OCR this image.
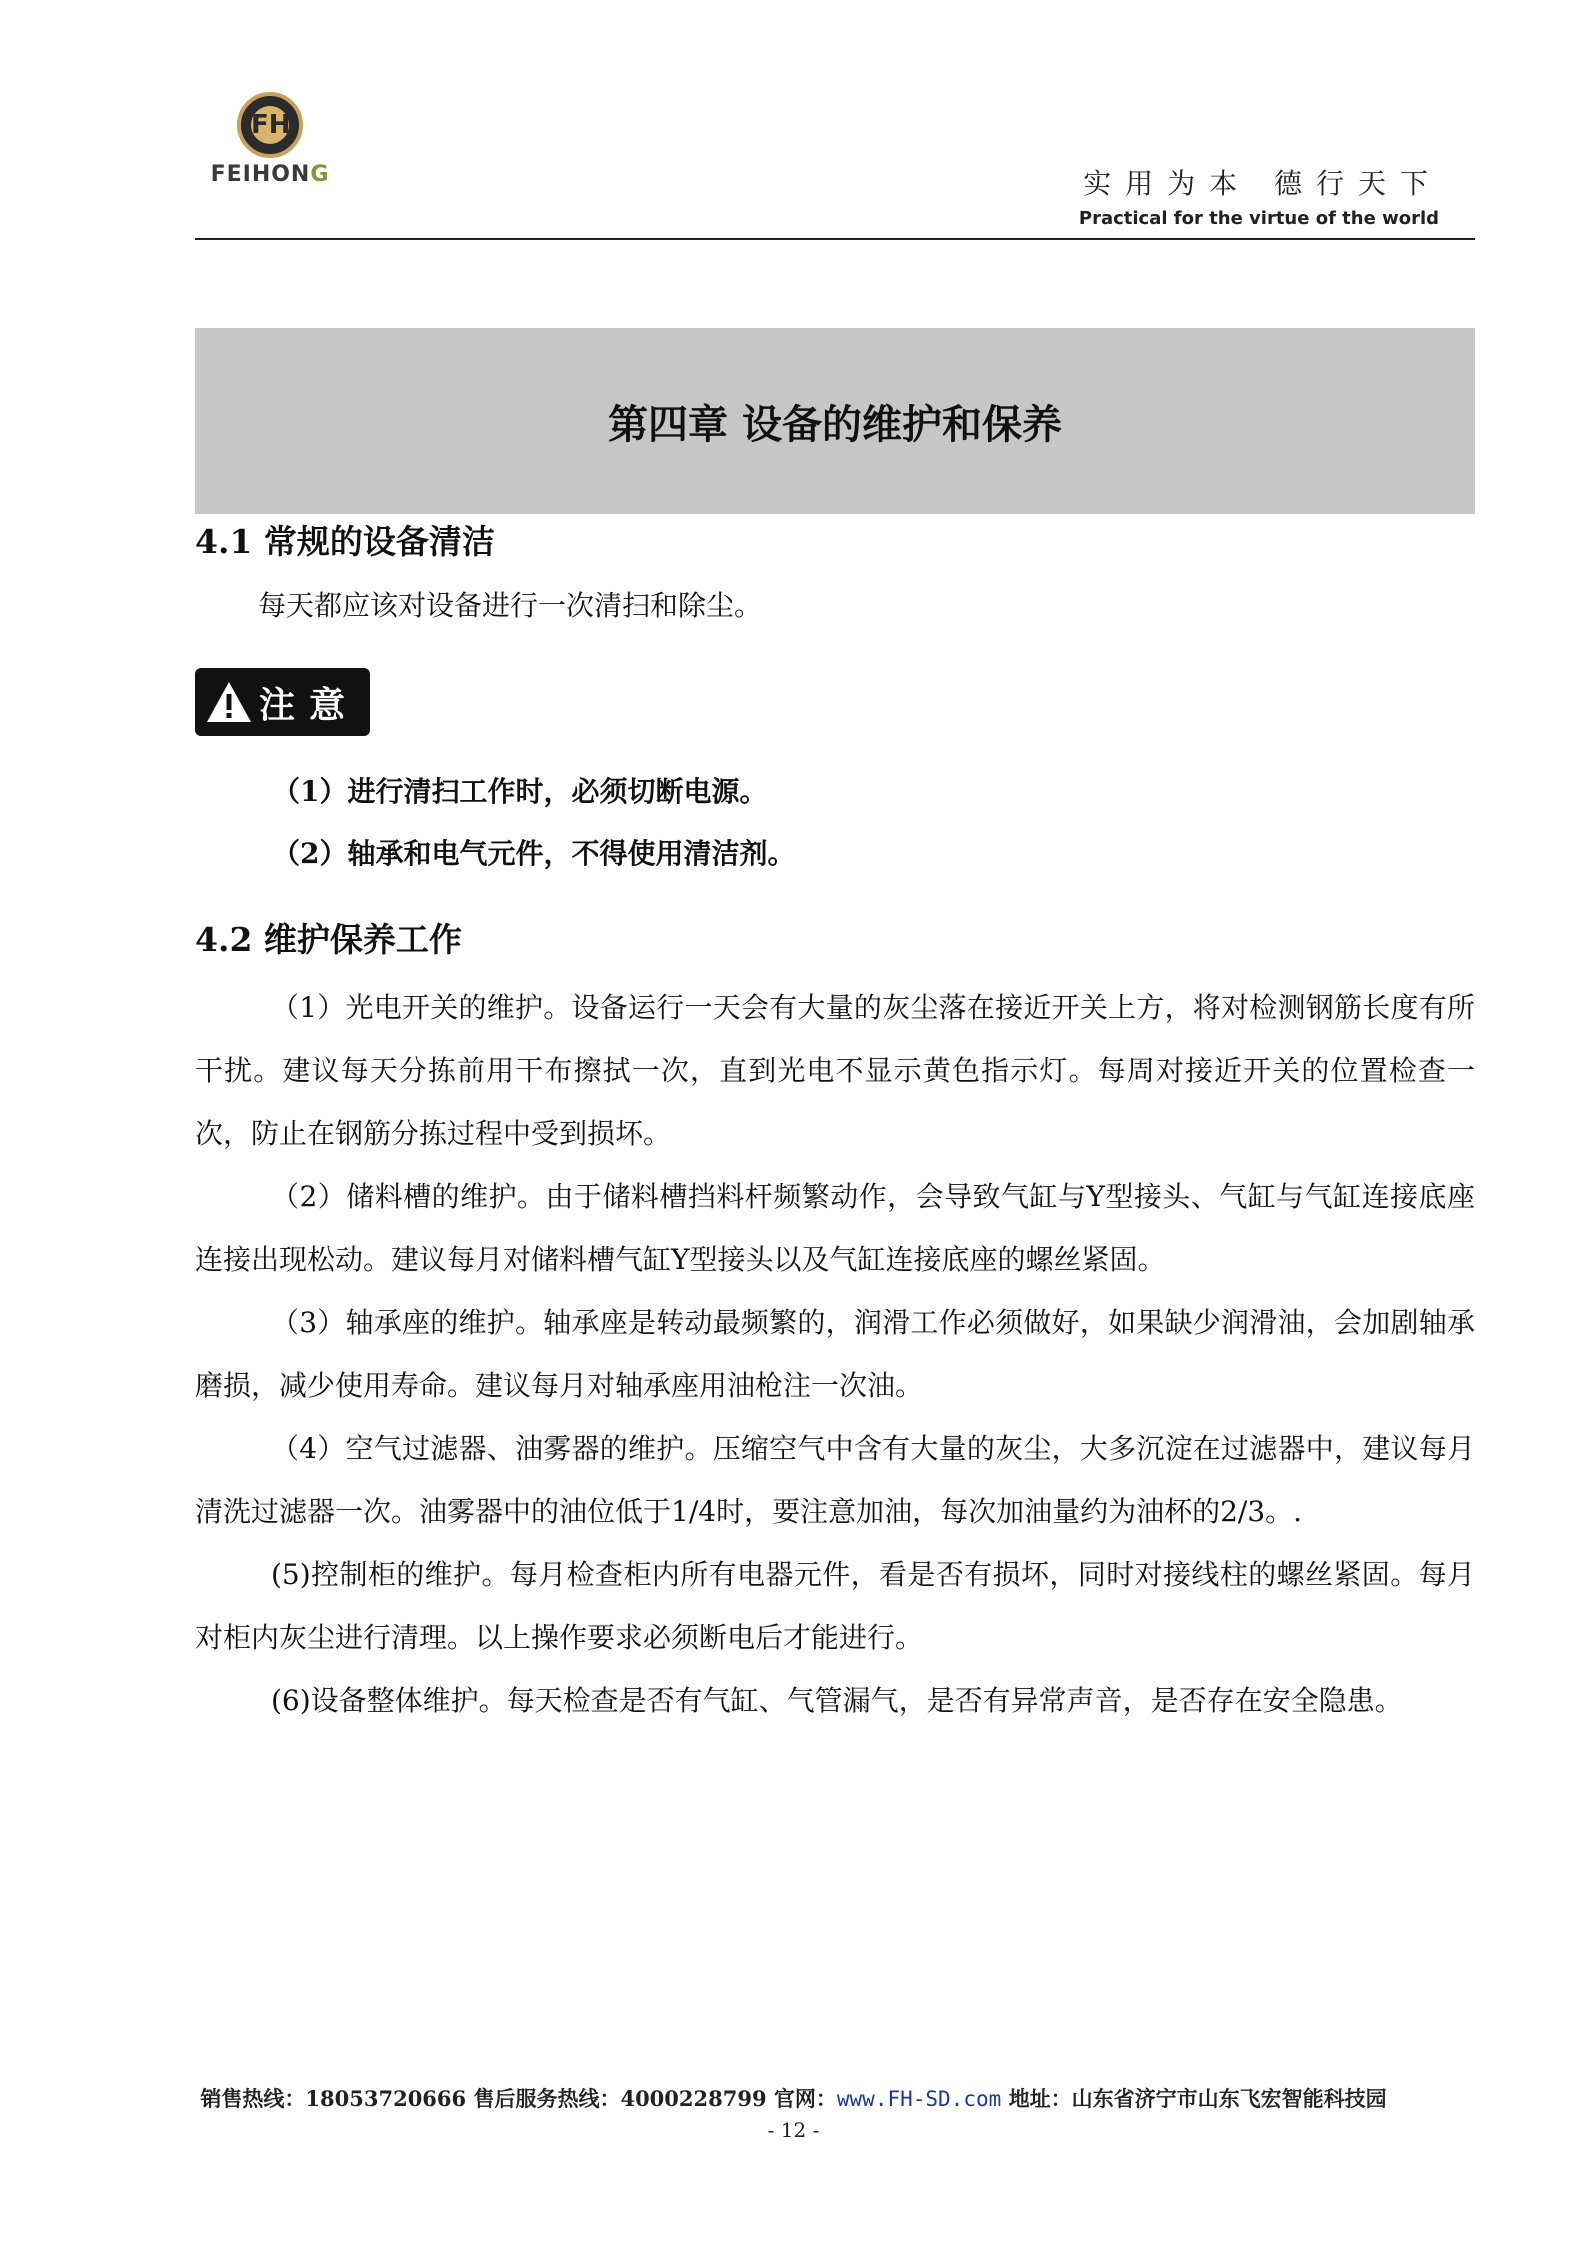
FH
FEIHONG	实用为本 德行天下
Practical for the virtue of the world
第四章 设备的维护和保养
4.1 常规的设备清洁
每天都应该对设备进行一次清扫和除尘。
注意
（1）进行清扫工作时，必须切断电源。
（2）轴承和电气元件，不得使用清洁剂。
4.2 维护保养工作

（1）光电开关的维护。设备运行一天会有大量的灰尘落在接近开关上方，将对检测钢筋长度有所干扰。建议每天分拣前用干布擦拭一次，直到光电不显示黄色指示灯。每周对接近开关的位置检查一次，防止在钢筋分拣过程中受到损坏。

（2）储料槽的维护。由于储料槽挡料杆频繁动作，会导致气缸与Y型接头、气缸与气缸连接底座连接出现松动。建议每月对储料槽气缸Y型接头以及气缸连接底座的螺丝紧固。

（3）轴承座的维护。轴承座是转动最频繁的，润滑工作必须做好，如果缺少润滑油，会加剧轴承磨损，减少使用寿命。建议每月对轴承座用油枪注一次油。

（4）空气过滤器、油雾器的维护。压缩空气中含有大量的灰尘，大多沉淀在过滤器中，建议每月清洗过滤器一次。油雾器中的油位低于1/4时，要注意加油，每次加油量约为油杯的2/3。.

(5)控制柜的维护。每月检查柜内所有电器元件，看是否有损坏，同时对接线柱的螺丝紧固。每月对柜内灰尘进行清理。以上操作要求必须断电后才能进行。

(6)设备整体维护。每天检查是否有气缸、气管漏气，是否有异常声音，是否存在安全隐患。

销售热线：18053720666 售后服务热线：4000228799 官网：www.FH-SD.com 地址：山东省济宁市山东飞宏智能科技园
- 12 -
